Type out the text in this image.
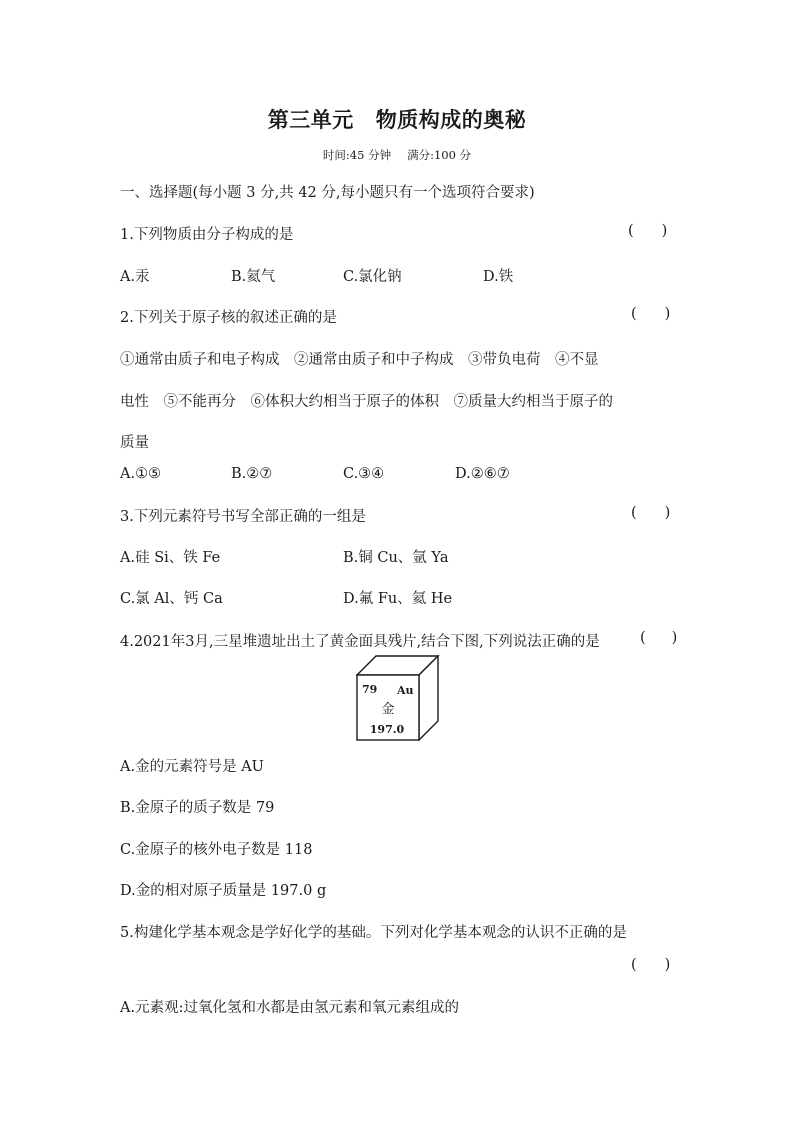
第三单元 物质构成的奥秘
时间:45 分钟 满分:100 分
一、选择题(每小题 3 分,共 42 分,每小题只有一个选项符合要求)
1.下列物质由分子构成的是	( )
A.汞	B.氦气	C.氯化钠	D.铁
2.下列关于原子核的叙述正确的是	( )
①通常由质子和电子构成　②通常由质子和中子构成　③带负电荷　④不显
电性　⑤不能再分　⑥体积大约相当于原子的体积　⑦质量大约相当于原子的
质量
A.①⑤	B.②⑦	C.③④	D.②⑥⑦
3.下列元素符号书写全部正确的一组是	( )
A.硅 Si、铁 Fe	B.铜 Cu、氩 Ya
C.氯 Al、钙 Ca	D.氟 Fu、氦 He
4.2021年3月,三星堆遗址出土了黄金面具残片,结合下图,下列说法正确的是	( )
79 Au
金
197.0
A.金的元素符号是 AU
B.金原子的质子数是 79
C.金原子的核外电子数是 118
D.金的相对原子质量是 197.0 g
5.构建化学基本观念是学好化学的基础。下列对化学基本观念的认识不正确的是
( )
A.元素观:过氧化氢和水都是由氢元素和氧元素组成的
